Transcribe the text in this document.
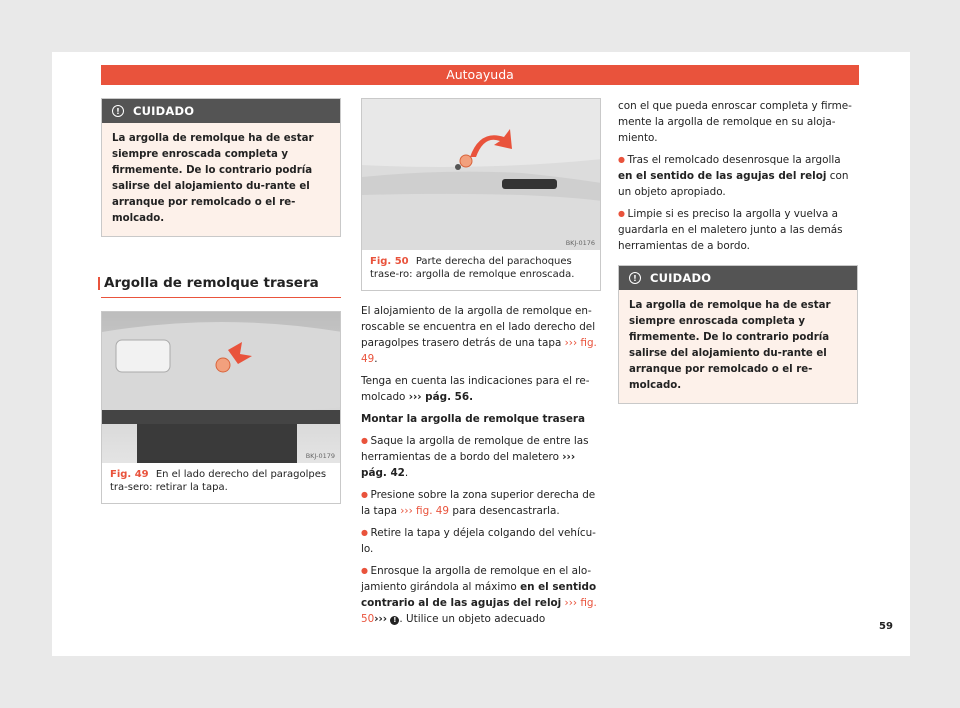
Autoayuda
!	CUIDADO
La argolla de remolque ha de estar siempre enroscada completa y firmemente. De lo contrario podría salirse del alojamiento du-rante el arranque por remolcado o el re-molcado.
Argolla de remolque trasera
BKJ-0179
Fig. 49 En el lado derecho del paragolpes tra-sero: retirar la tapa.
BKJ-0176
Fig. 50 Parte derecha del parachoques trase-ro: argolla de remolque enroscada.

El alojamiento de la argolla de remolque en-roscable se encuentra en el lado derecho del paragolpes trasero detrás de una tapa ››› fig. 49.

Tenga en cuenta las indicaciones para el re-molcado ››› pág. 56.

Montar la argolla de remolque trasera

● Saque la argolla de remolque de entre las herramientas de a bordo del maletero ››› pág. 42.

● Presione sobre la zona superior derecha de la tapa ››› fig. 49 para desencastrarla.

● Retire la tapa y déjela colgando del vehícu-lo.

● Enrosque la argolla de remolque en el alo-jamiento girándola al máximo en el sentido contrario al de las agujas del reloj ››› fig. 50››› ! . Utilice un objeto adecuado

con el que pueda enroscar completa y firme-mente la argolla de remolque en su aloja-miento.

● Tras el remolcado desenrosque la argolla en el sentido de las agujas del reloj con un objeto apropiado.

● Limpie si es preciso la argolla y vuelva a guardarla en el maletero junto a las demás herramientas de a bordo.

!	CUIDADO
La argolla de remolque ha de estar siempre enroscada completa y firmemente. De lo contrario podría salirse del alojamiento du-rante el arranque por remolcado o el re-molcado.
59
